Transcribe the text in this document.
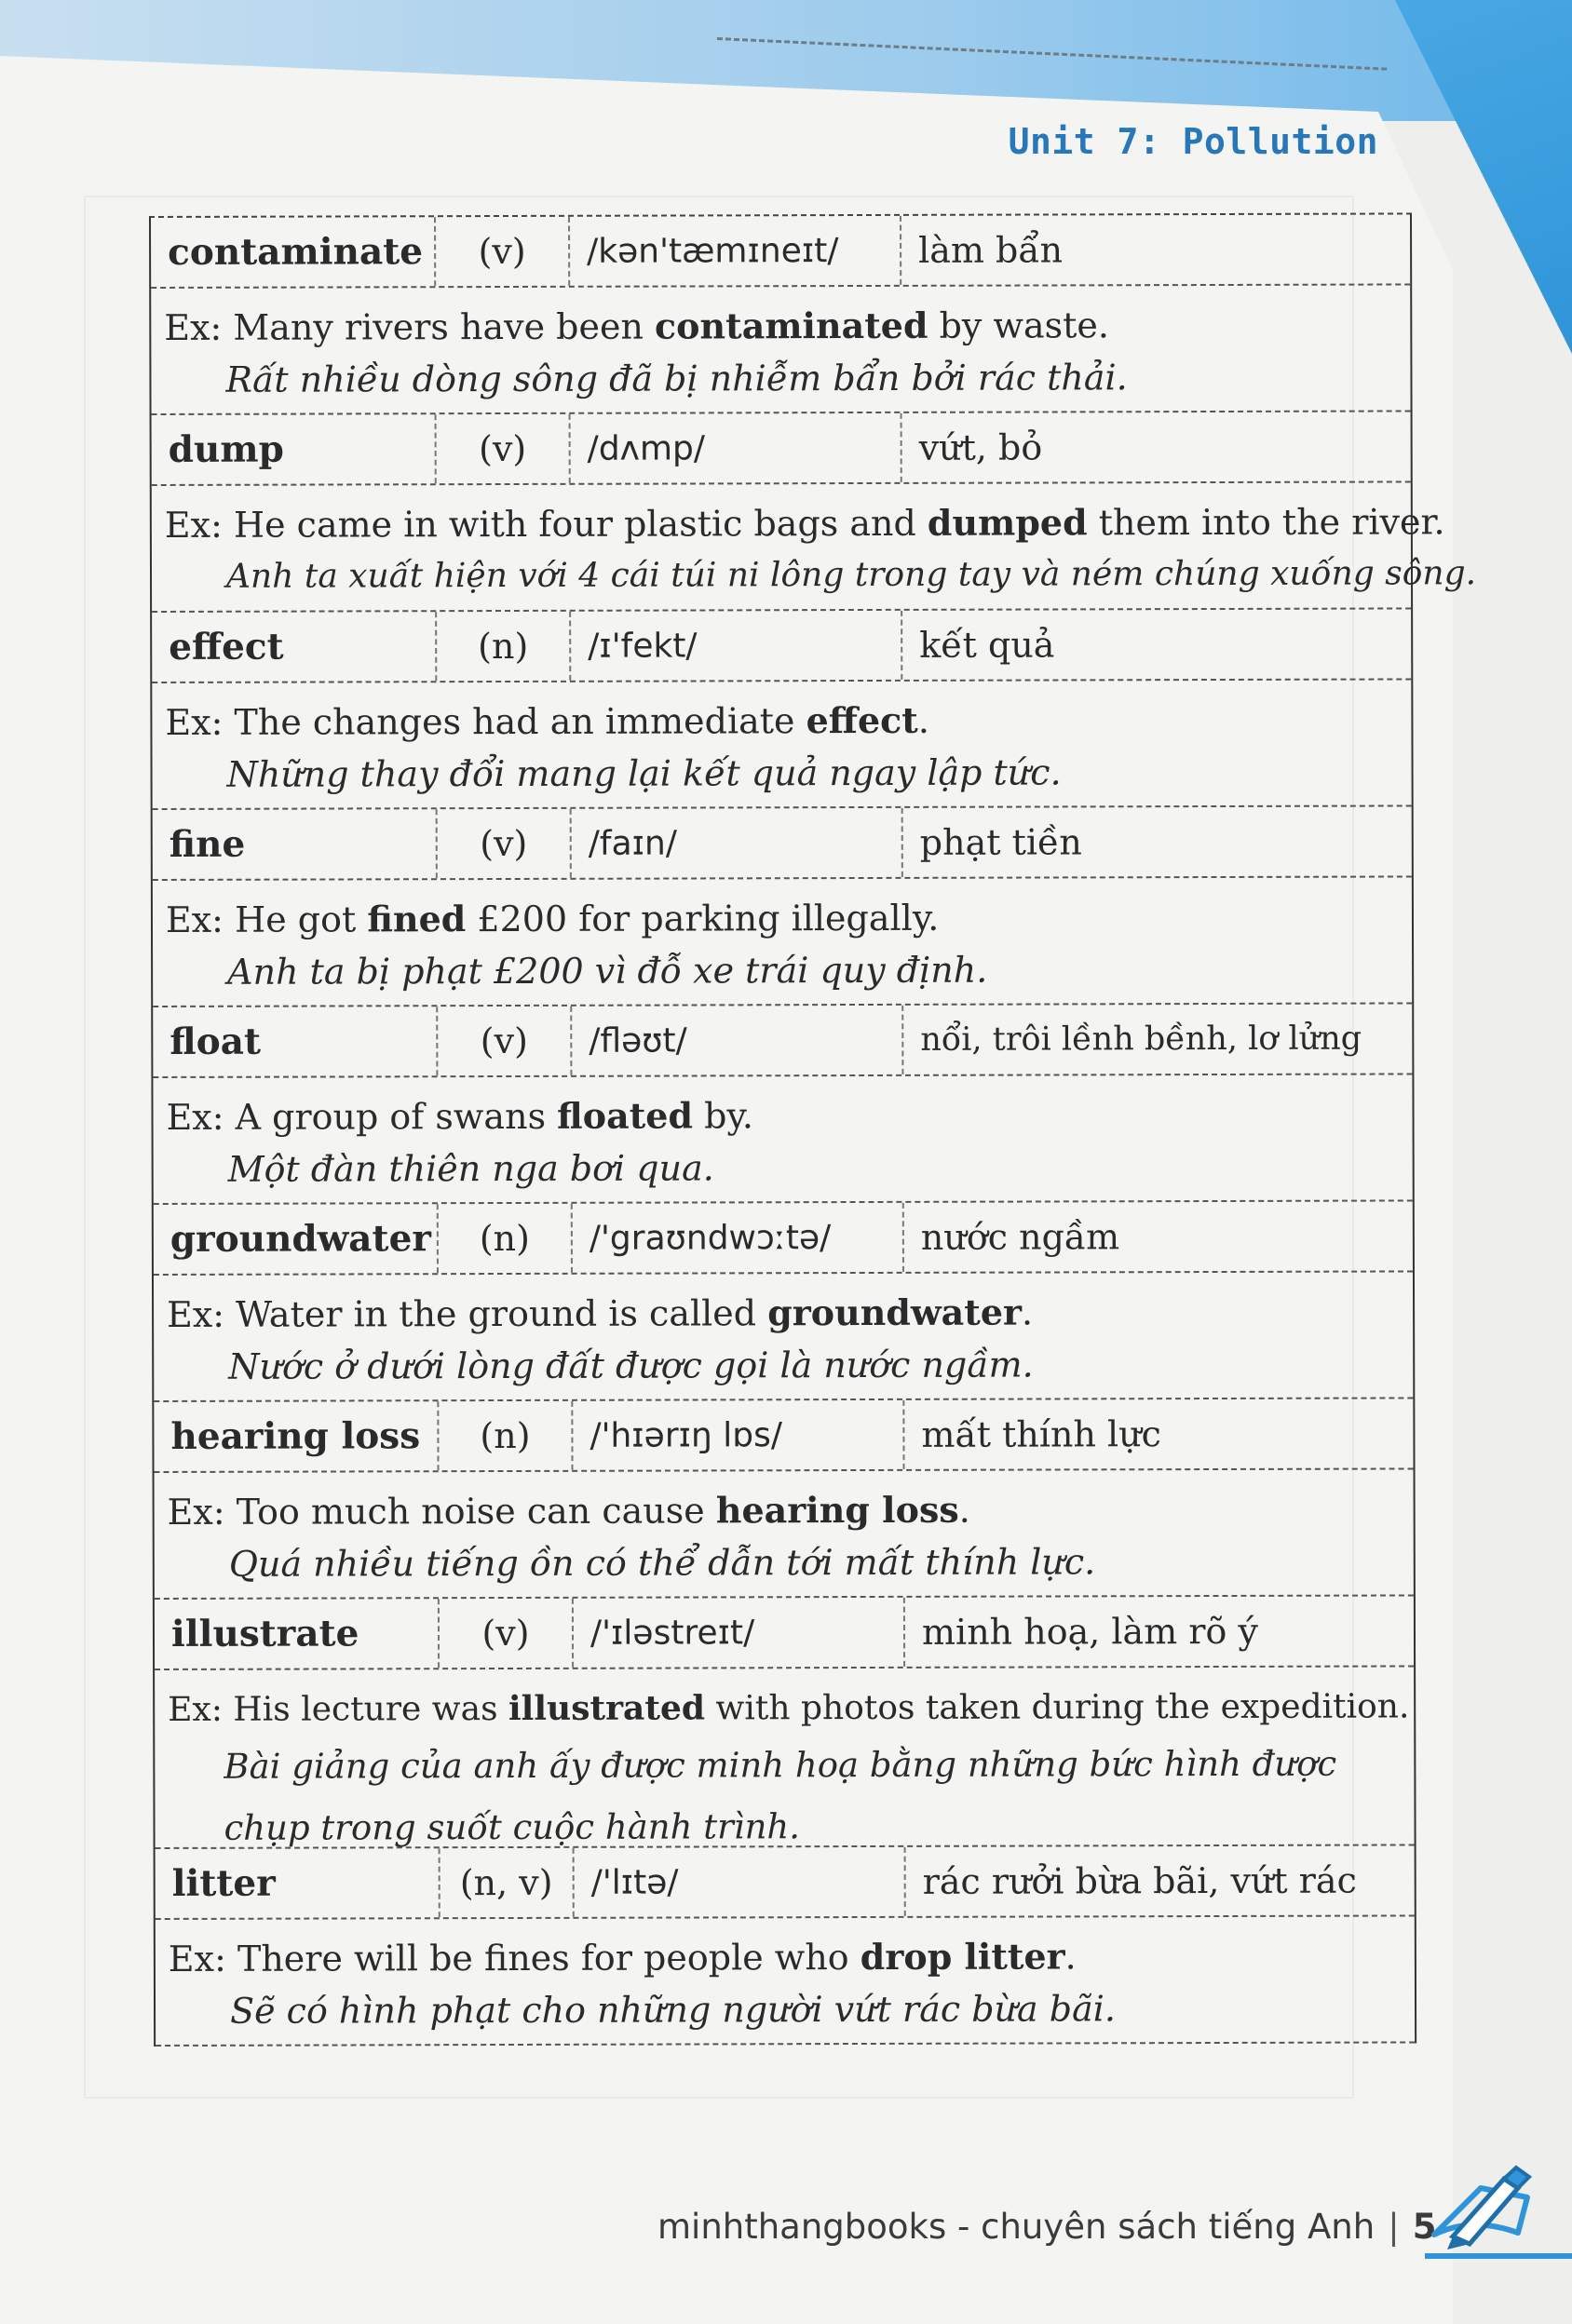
Unit 7: Pollution
contaminate	(v)	/kən'tæmɪneɪt/	làm bẩn
Ex: Many rivers have been contaminated by waste.
Rất nhiều dòng sông đã bị nhiễm bẩn bởi rác thải.
dump	(v)	/dʌmp/	vứt, bỏ
Ex: He came in with four plastic bags and dumped them into the river.
Anh ta xuất hiện với 4 cái túi ni lông trong tay và ném chúng xuống sông.
effect	(n)	/ɪ'fekt/	kết quả
Ex: The changes had an immediate effect.
Những thay đổi mang lại kết quả ngay lập tức.
fine	(v)	/faɪn/	phạt tiền
Ex: He got fined £200 for parking illegally.
Anh ta bị phạt £200 vì đỗ xe trái quy định.
float	(v)	/fləʊt/	nổi, trôi lềnh bềnh, lơ lửng
Ex: A group of swans floated by.
Một đàn thiên nga bơi qua.
groundwater	(n)	/'graʊndwɔːtə/	nước ngầm
Ex: Water in the ground is called groundwater.
Nước ở dưới lòng đất được gọi là nước ngầm.
hearing loss	(n)	/'hɪərɪŋ lɒs/	mất thính lực
Ex: Too much noise can cause hearing loss.
Quá nhiều tiếng ồn có thể dẫn tới mất thính lực.
illustrate	(v)	/'ɪləstreɪt/	minh hoạ, làm rõ ý
Ex: His lecture was illustrated with photos taken during the expedition.
Bài giảng của anh ấy được minh hoạ bằng những bức hình được chụp trong suốt cuộc hành trình.
litter	(n, v)	/'lɪtə/	rác rưởi bừa bãi, vứt rác
Ex: There will be fines for people who drop litter.
Sẽ có hình phạt cho những người vứt rác bừa bãi.
minhthangbooks - chuyên sách tiếng Anh | 5
